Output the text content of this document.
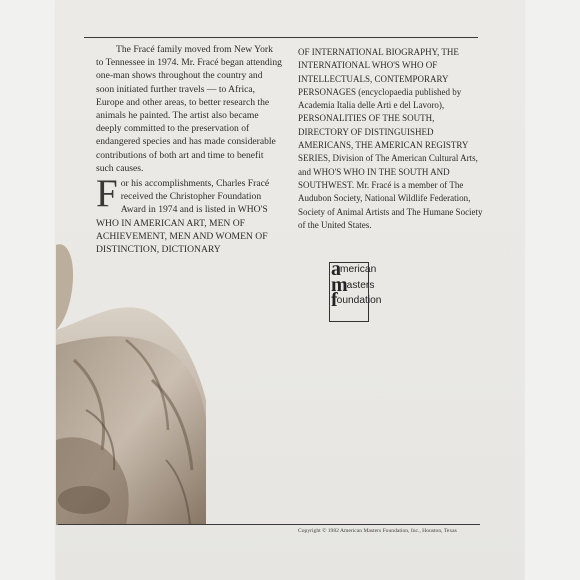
The Fracé family moved from New York to Tennessee in 1974. Mr. Fracé began attending one-man shows throughout the country and soon initiated further travels — to Africa, Europe and other areas, to better research the animals he painted. The artist also became deeply committed to the preservation of endangered species and has made considerable contributions of both art and time to benefit such causes.

For his accomplishments, Charles Fracé received the Christopher Foundation Award in 1974 and is listed in WHO'S WHO IN AMERICAN ART, MEN OF ACHIEVEMENT, MEN AND WOMEN OF DISTINCTION, DICTIONARY

OF INTERNATIONAL BIOGRAPHY, THE INTERNATIONAL WHO'S WHO OF INTELLECTUALS, CONTEMPORARY PERSONAGES (encyclopaedia published by Academia Italia delle Arti e del Lavoro), PERSONALITIES OF THE SOUTH, DIRECTORY OF DISTINGUISHED AMERICANS, THE AMERICAN REGISTRY SERIES, Division of The American Cultural Arts, and WHO'S WHO IN THE SOUTH AND SOUTHWEST. Mr. Fracé is a member of The Audubon Society, National Wildlife Federation, Society of Animal Artists and The Humane Society of the United States.

american
masters
foundation
Copyright © 1982 American Masters Foundation, Inc., Houston, Texas
